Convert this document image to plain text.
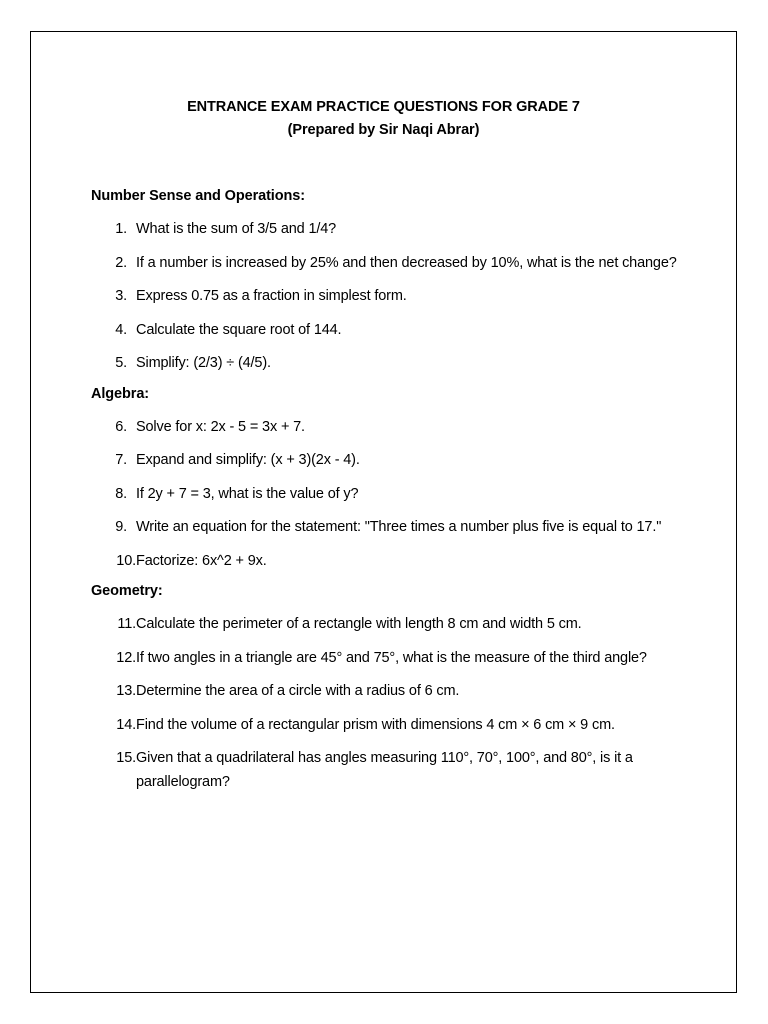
ENTRANCE EXAM PRACTICE QUESTIONS FOR GRADE 7
(Prepared by Sir Naqi Abrar)
Number Sense and Operations:
1. What is the sum of 3/5 and 1/4?
2. If a number is increased by 25% and then decreased by 10%, what is the net change?
3. Express 0.75 as a fraction in simplest form.
4. Calculate the square root of 144.
5. Simplify: (2/3) ÷ (4/5).
Algebra:
6. Solve for x: 2x - 5 = 3x + 7.
7. Expand and simplify: (x + 3)(2x - 4).
8. If 2y + 7 = 3, what is the value of y?
9. Write an equation for the statement: "Three times a number plus five is equal to 17."
10. Factorize: 6x^2 + 9x.
Geometry:
11. Calculate the perimeter of a rectangle with length 8 cm and width 5 cm.
12. If two angles in a triangle are 45° and 75°, what is the measure of the third angle?
13. Determine the area of a circle with a radius of 6 cm.
14. Find the volume of a rectangular prism with dimensions 4 cm × 6 cm × 9 cm.
15. Given that a quadrilateral has angles measuring 110°, 70°, 100°, and 80°, is it a parallelogram?
